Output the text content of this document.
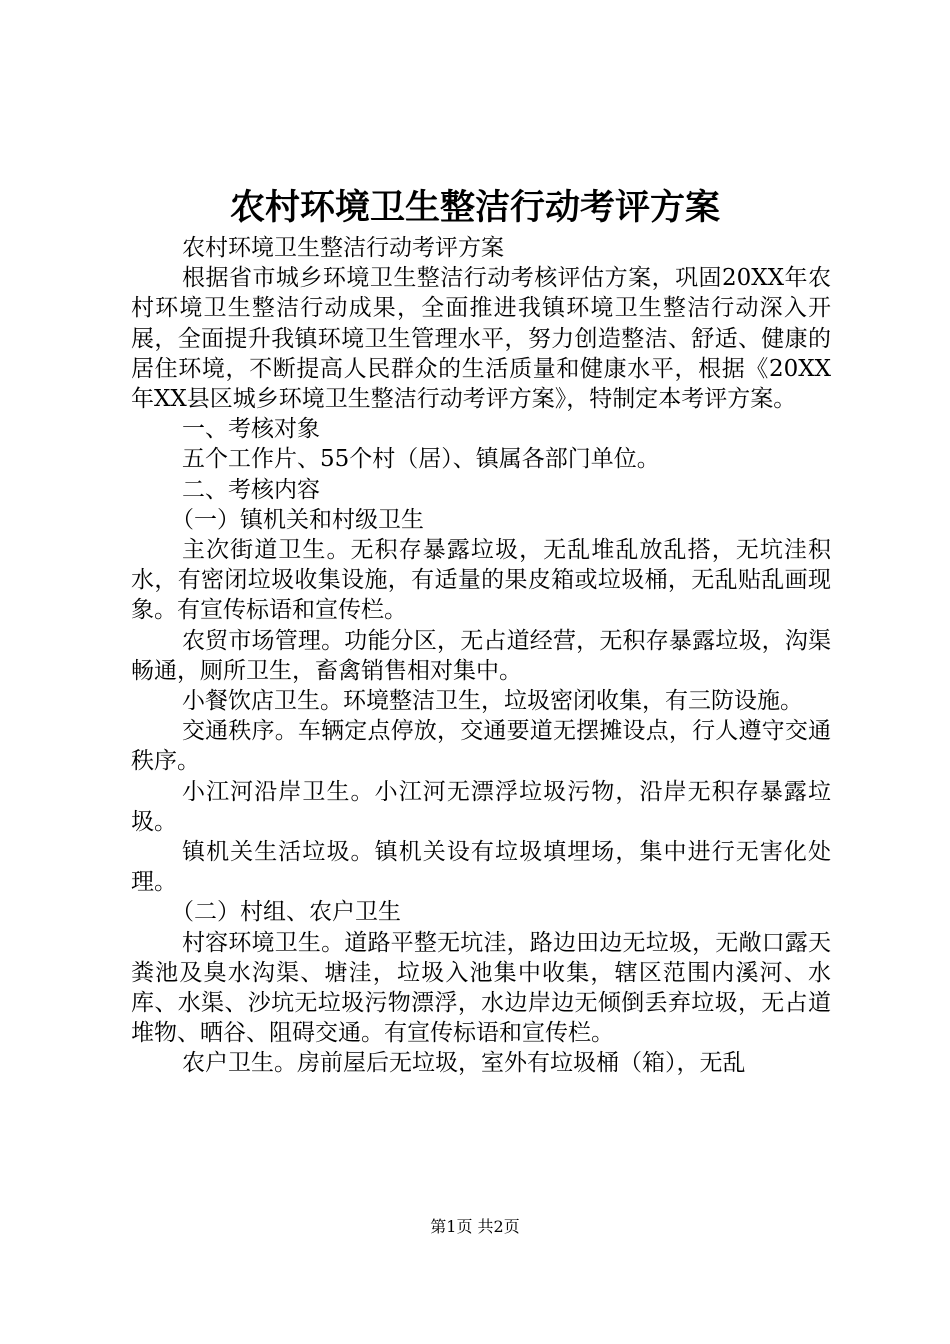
农村环境卫生整洁行动考评方案

农村环境卫生整洁行动考评方案

根据省市城乡环境卫生整洁行动考核评估方案，巩固20XX年农村环境卫生整洁行动成果，全面推进我镇环境卫生整洁行动深入开展，全面提升我镇环境卫生管理水平，努力创造整洁、舒适、健康的居住环境，不断提高人民群众的生活质量和健康水平，根据《20XX年XX县区城乡环境卫生整洁行动考评方案》，特制定本考评方案。

一、考核对象

五个工作片、55个村（居）、镇属各部门单位。

二、考核内容

（一）镇机关和村级卫生

主次街道卫生。无积存暴露垃圾，无乱堆乱放乱搭，无坑洼积水，有密闭垃圾收集设施，有适量的果皮箱或垃圾桶，无乱贴乱画现象。有宣传标语和宣传栏。

农贸市场管理。功能分区，无占道经营，无积存暴露垃圾，沟渠畅通，厕所卫生，畜禽销售相对集中。

小餐饮店卫生。环境整洁卫生，垃圾密闭收集，有三防设施。

交通秩序。车辆定点停放，交通要道无摆摊设点，行人遵守交通秩序。

小江河沿岸卫生。小江河无漂浮垃圾污物，沿岸无积存暴露垃圾。

镇机关生活垃圾。镇机关设有垃圾填埋场，集中进行无害化处理。

（二）村组、农户卫生

村容环境卫生。道路平整无坑洼，路边田边无垃圾，无敞口露天粪池及臭水沟渠、塘洼，垃圾入池集中收集，辖区范围内溪河、水库、水渠、沙坑无垃圾污物漂浮，水边岸边无倾倒丢弃垃圾，无占道堆物、晒谷、阻碍交通。有宣传标语和宣传栏。

农户卫生。房前屋后无垃圾，室外有垃圾桶（箱），无乱

第1页 共2页
